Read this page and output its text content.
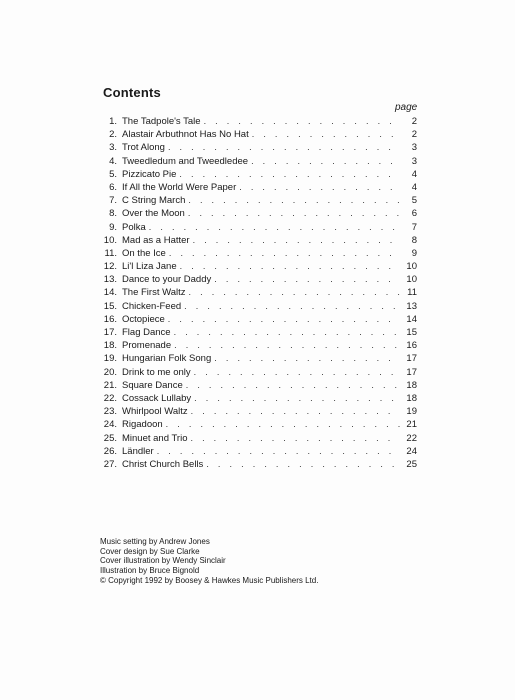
Contents
page
1. The Tadpole's Tale . . .	2
2. Alastair Arbuthnot Has No Hat . . .	2
3. Trot Along . . .	3
4. Tweedledum and Tweedledee . . .	3
5. Pizzicato Pie . . .	4
6. If All the World Were Paper . . .	4
7. C String March . . .	5
8. Over the Moon . . .	6
9. Polka . . .	7
10. Mad as a Hatter . . .	8
11. On the Ice . . .	9
12. Li'l Liza Jane . . .	10
13. Dance to your Daddy . . .	10
14. The First Waltz . . .	11
15. Chicken-Feed . . .	13
16. Octopiece . . .	14
17. Flag Dance . . .	15
18. Promenade . . .	16
19. Hungarian Folk Song . . .	17
20. Drink to me only . . .	17
21. Square Dance . . .	18
22. Cossack Lullaby . . .	18
23. Whirlpool Waltz . . .	19
24. Rigadoon . . .	21
25. Minuet and Trio . . .	22
26. Ländler . . .	24
27. Christ Church Bells . . .	25
Music setting by Andrew Jones
Cover design by Sue Clarke
Cover illustration by Wendy Sinclair
Illustration by Bruce Bignold
© Copyright 1992 by Boosey & Hawkes Music Publishers Ltd.
